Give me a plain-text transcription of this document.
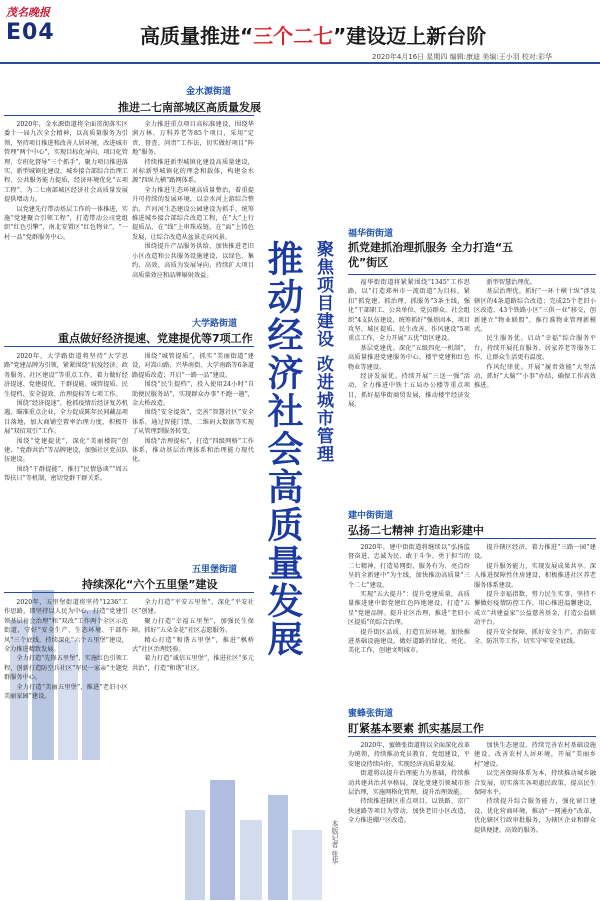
茂名晚报
E04	高质量推进“三个二七”建设迈上新台阶
2020年4月16日 星期四 编辑:康迪 美编:王小羽 校对:彩华
金水源街道
推进二七南部城区高质量发展

2020年，金水源街道将全面贯彻落实区委十一届九次全会精神，以高质量服务为引领，坚持项目推进和改善人居环境，改进城市管理“两个中心”，实现目标化导向、项目化管理、专班化督导“三个抓手”，聚力项目推进落实、新型城镇化建设、城乡接合部综合治理工程、公共服务能力提质，经济环境优化“五项工程”，为二七南部城区经济社会高质量发展提供增动力。

以党建先行带动基层工作的一体推进，实施“党建聚合引领工程”，打造带动公司党组织“红色引擎”，南北安置区“红色物业”，“一村一品”党群服务中心。

全力推进重点项目高标准建设，围绕华润万林、万科养老等85个项目，采用“定责、督查、问责”工作法，切实做好项目“阵地”服务。

持续推进新型城镇化建设高质量建设，对标新型城镇化的理念和载体，构建金水源“四纵九横”路网体系。

全力推进生态环境高质量整治，着重提升可持续的发展环境，以金水河上游综合整治、芦河河生态建设公园建设为抓手，统筹推进城乡接合部综合改造工程，在“大”上行提质品，在“线”上串珠成链，在“面”上铸色发展，让综合改造从盆景走向风景。

围绕提升产品服务供给，加快推进老旧小区改造和公共服务设施建设，以绿色、集约、高效、高质为发展导向，持续扩大项目高质量效应和品牌辐射效益。

大学路街道
重点做好经济提速、党建提优等7项工作

2020年，大学路街道将坚持“大学思路”党建品牌为引领，紧紧围绕“抗疫经济、政务服务、社区建设”等重点工作，着力做好经济提速、党建提优、干群提能、城管提质、民生提档、安全提效、治理提标等七项工作。

围绕“经济提速”，抢抓疫情后经济复苏机遇，瞄准重点企业，全力促成陈年民间藏品项目落地，加大商铺空置率治理力度，积极开展“双招双引”工作。

围绕“党建提优”，深化“美丽楼院”创建、“党群共治”等品牌建设，加强社区党员队伍建设。

围绕“干群提能”，推行“民情恳谈”“周五帮扶日”等机制，密切党群干群关系。

围绕“城管提质”，抓实“美丽街道”建设，对嵩山路、兴华南街、大学南路等6条道路提质改造；开启“一路一品”建设。

围绕“民生提档”，投入使用24小时“自助便民服务站”，实现群众办事“不跑一趟”，金大桥改造。

围绕“安全提效”，完善“智慧社区”安全体系，通过智能门禁、二维码大数据等实现了从管理到服务转变。

围绕“治理提标”，打造“四级网格”工作体系，推动基层治理体系和治理能力现代化。

五里堡街道
持续深化“六个五里堡”建设

2020年，五里堡街道将坚持“1236”工作思路，即坚持以人民为中心，打造“党建引领基层社会治理”和“双改”工作两个全区示范街道，守好“安全生产、生态环境、干部作风”三个底线，持续深化“六个五里堡”建设，全力推进精致发展。

全力打造“先锋五里堡”，实施红色引领工程，创新打造防空兵社区“军民一家亲”主题党群服务中心。

全力打造“美丽五里堡”，推进“老旧小区美丽家园”建设。

全力打造“平安五里堡”，深化“平安社区”创建。

聚力打造“幸福五里堡”，加强民生保障，抓好“五朵金花”社区志愿服务。

精心打造“和谐五里堡”，推进“枫桥式”社区治理经验。

着力打造“诚信五里堡”，推进社区“多元共治”，打造“和谐”社区。

推动经济社会高质量发展 聚焦项目建设 改进城市管理
本版记者 张华
福华街街道
抓党建抓治理抓服务 全力打造“五优”街区

福华街街道将紧紧围绕“1345”工作思路，以“打造郑州市一流街道”为目标，紧扣“抓党建、抓治理、抓服务”3条主线，强化“干部职工、公共单位、党员群众、社会组织”4支队伍建设，统筹抓好“强基固本、项目攻坚、城区提质、民生改善、作风建设”5项重点工作，全力开展“五优”街区建设。

基层党建优。深化“五级四化一机制”，高质量推进党建服务中心、楼宇党建和红色物业等建设。

经济发展优。持续开展“三送一强”活动，全力推进中铁十五局办公楼等重点项目，抓好福华街商贸发展，推动楼宇经济发展。

新型智慧治理优。

基层治理优。抓好“一环十横十纵”涉及辖区的4条道路综合改造；完成25个老旧小区改造、43个铁路小区“三供一业”移交，创新建立“物业联盟”，推行准物业管理新模式。

民生服务优。启动“幸福”综合服务平台，持续开展托育服务、居家养老等服务工作，让群众生活更有温度。

作风纪律优。开展“履责效能”大型活动，抓好“大脑”“小事”办结，确保工作高效推进。

建中街街道
弘扬二七精神 打造出彩建中

2020年，建中街街道将继续以“弘扬监督奋进、忠诚为民、敢于斗争、勇于担当的二七精神，打造易网街、服务有为、亮点纷呈的全新建中”为主线，加快推动高质量“三个二七”建设。

实现“五大提升”：提升党建质量，高质量推进建中街党建红色阵地建设，打造“五星”党建品牌。提升社区治理，推进“老旧小区提质”的综合治理。

提升街区品质，打造宜居环境。加快推进基础设施建设，做好道路的绿化、亮化、美化工作，创建文明城市。

提升辖区经济，着力推进“三路一园”建设。

提升服务能力，实现发展成果共享。深入推进保障性住房建设，积极推进社区养老服务体系建设。

提升幸福指数，努力民生实事，坚持不懈做好疫情防控工作，用心推进温馨建设，成立“共建益家”公益慈善基金，打造公益联动平台。

提升安全保障，抓好安全生产、消防安全、防汛等工作，切实守牢安全底线。

蜜蜂张街道
盯紧基本要素 抓实基层工作

2020年，蜜蜂张街道将以全面深化改革为统领，持续推动党员教育、党组建设，平安建设持续向好，实现经济高质量发展。

街道将以提升治理能力为基础，持续推动共建共治共享格局，深化党建引领城市基层治理，实施网格化管理，提升治理效能。

持续推进辖区重点项目，以铁路、京广快速路等项目为带动，加快老旧小区改造，全力推进棚户区改造。

加快生态建设，持续完善农村基础设施建设，改善农村人居环境，开展“美丽乡村”建设。

以完善保障体系为本，持续推动城乡融合发展，切实落实各项惠民政策，提高民生保障水平。

持续提升综合服务能力，强化窗口建设，优化营商环境，推动“一网通办”改革，优化辖区行政审批服务，为辖区企业和群众提供便捷、高效的服务。
